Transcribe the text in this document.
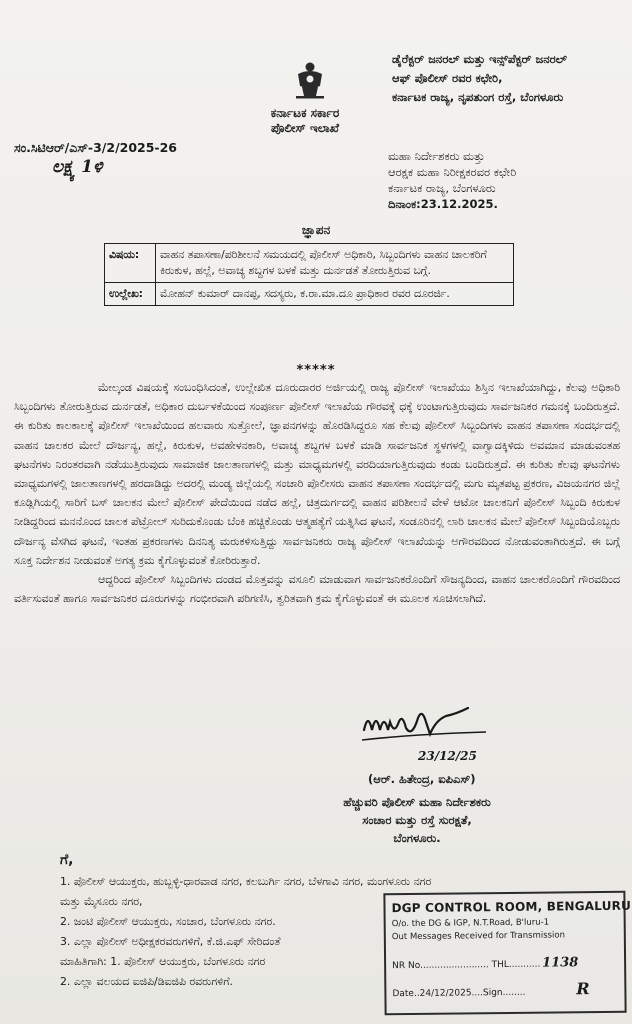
ಕರ್ನಾಟಕ ಸರ್ಕಾರ
ಪೊಲೀಸ್ ಇಲಾಖೆ
ಡೈರೆಕ್ಟರ್ ಜನರಲ್ ಮತ್ತು ಇನ್ಸ್‌ಪೆಕ್ಟರ್ ಜನರಲ್
ಆಫ್ ಪೊಲೀಸ್ ರವರ ಕಛೇರಿ,
ಕರ್ನಾಟಕ ರಾಜ್ಯ, ನೃಪತುಂಗ ರಸ್ತೆ, ಬೆಂಗಳೂರು
ಸಂ.ಸಿಟಿಆರ್/ಎಸ್-3/2/2025-26
ಲಕ್ಷ್ಯ 1ಳಿ
ಮಹಾ ನಿರ್ದೇಶಕರು ಮತ್ತು
ಆರಕ್ಷಕ ಮಹಾ ನಿರೀಕ್ಷಕರವರ ಕಛೇರಿ
ಕರ್ನಾಟಕ ರಾಜ್ಯ, ಬೆಂಗಳೂರು
ದಿನಾಂಕ:23.12.2025.
ಜ್ಞಾಪನ
ವಿಷಯ:	ವಾಹನ ತಪಾಸಣಾ/ಪರಿಶೀಲನೆ ಸಮಯದಲ್ಲಿ ಪೊಲೀಸ್ ಅಧಿಕಾರಿ, ಸಿಬ್ಬಂದಿಗಳು ವಾಹನ ಚಾಲಕರಿಗೆ ಕಿರುಕುಳ, ಹಲ್ಲೆ, ಅವಾಚ್ಯ ಶಬ್ದಗಳ ಬಳಕೆ ಮತ್ತು ದುರ್ನಡತೆ ತೋರುತ್ತಿರುವ ಬಗ್ಗೆ.
ಉಲ್ಲೇಖ:	ಮೋಹನ್ ಕುಮಾರ್ ದಾನಪ್ಪ, ಸದಸ್ಯರು, ಕ.ರಾ.ಮಾ.ದೂ ಪ್ರಾಧಿಕಾರ ರವರ ದೂರರ್ಜಿ.
*****

ಮೇಲ್ಕಂಡ ವಿಷಯಕ್ಕೆ ಸಂಬಂಧಿಸಿದಂತೆ, ಉಲ್ಲೇಖಿತ ದೂರುದಾರರ ಅರ್ಜಿಯಲ್ಲಿ ರಾಜ್ಯ ಪೊಲೀಸ್ ಇಲಾಖೆಯು ಶಿಸ್ತಿನ ಇಲಾಖೆಯಾಗಿದ್ದು, ಕೆಲವು ಅಧಿಕಾರಿ ಸಿಬ್ಬಂದಿಗಳು ತೋರುತ್ತಿರುವ ದುರ್ನಡತೆ, ಅಧಿಕಾರ ದುರ್ಬಳಕೆಯಿಂದ ಸಂಪೂರ್ಣ ಪೊಲೀಸ್ ಇಲಾಖೆಯ ಗೌರವಕ್ಕೆ ಧಕ್ಕೆ ಉಂಟಾಗುತ್ತಿರುವುದು ಸಾರ್ವಜನಿಕರ ಗಮನಕ್ಕೆ ಬಂದಿರುತ್ತದೆ. ಈ ಕುರಿತು ಕಾಲಕಾಲಕ್ಕೆ ಪೊಲೀಸ್ ಇಲಾಖೆಯಿಂದ ಹಲವಾರು ಸುತ್ತೋಲೆ, ಜ್ಞಾಪನಗಳನ್ನು ಹೊರಡಿಸಿದ್ದರೂ ಸಹ ಕೆಲವು ಪೊಲೀಸ್ ಸಿಬ್ಬಂದಿಗಳು ವಾಹನ ತಪಾಸಣಾ ಸಂದರ್ಭದಲ್ಲಿ ವಾಹನ ಚಾಲಕರ ಮೇಲೆ ದೌರ್ಜನ್ಯ, ಹಲ್ಲೆ, ಕಿರುಕುಳ, ಅವಹೇಳನಕಾರಿ, ಅವಾಚ್ಯ ಶಬ್ದಗಳ ಬಳಕೆ ಮಾಡಿ ಸಾರ್ವಜನಿಕ ಸ್ಥಳಗಳಲ್ಲಿ ವಾಗ್ವಾದಕ್ಕಿಳಿದು ಅವಮಾನ ಮಾಡುವಂತಹ ಘಟನೆಗಳು ನಿರಂತರವಾಗಿ ನಡೆಯುತ್ತಿರುವುದು ಸಾಮಾಜಿಕ ಜಾಲತಾಣಗಳಲ್ಲಿ ಮತ್ತು ಮಾಧ್ಯಮಗಳಲ್ಲಿ ವರದಿಯಾಗುತ್ತಿರುವುದು ಕಂಡು ಬಂದಿರುತ್ತದೆ. ಈ ಕುರಿತು ಕೆಲವು ಘಟನೆಗಳು ಮಾಧ್ಯಮಗಳಲ್ಲಿ ಜಾಲತಾಣಗಳಲ್ಲಿ ಹರದಾಡಿದ್ದು ಅದರಲ್ಲಿ ಮಂಡ್ಯ ಜಿಲ್ಲೆಯಲ್ಲಿ ಸಂಚಾರಿ ಪೊಲೀಸರು ವಾಹನ ತಪಾಸಣಾ ಸಂದರ್ಭದಲ್ಲಿ ಮಗು ಮೃತಪಟ್ಟ ಪ್ರಕರಣ, ವಿಜಯನಗರ ಜಿಲ್ಲೆ ಕೂಡ್ಲಿಗಿಯಲ್ಲಿ ಸಾರಿಗೆ ಬಸ್ ಚಾಲಕನ ಮೇಲೆ ಪೊಲೀಸ್ ಪೇದೆಯಿಂದ ನಡೆದ ಹಲ್ಲೆ, ಚಿತ್ರದುರ್ಗದಲ್ಲಿ ವಾಹನ ಪರಿಶೀಲನೆ ವೇಳೆ ಆಟೋ ಚಾಲಕನಿಗೆ ಪೊಲೀಸ್ ಸಿಬ್ಬಂದಿ ಕಿರುಕುಳ ನೀಡಿದ್ದರಿಂದ ಮನನೊಂದ ಚಾಲಕ ಪೆಟ್ರೋಲ್ ಸುರಿದುಕೊಂಡು ಬೆಂಕಿ ಹಚ್ಚಿಕೊಂಡು ಆತ್ಮಹತ್ಯೆಗೆ ಯತ್ನಿಸಿದ ಘಟನೆ, ಸಂಡೂರಿನಲ್ಲಿ ಲಾರಿ ಚಾಲಕನ ಮೇಲೆ ಪೊಲೀಸ್ ಸಿಬ್ಬಂದಿಯೊಬ್ಬರು ದೌರ್ಜನ್ಯ ವೆಸಗಿದ ಘಟನೆ, ಇಂತಹ ಪ್ರಕರಣಗಳು ದಿನನಿತ್ಯ ಮರುಕಳಿಸುತ್ತಿದ್ದು ಸಾರ್ವಜನಿಕರು ರಾಜ್ಯ ಪೊಲೀಸ್ ಇಲಾಖೆಯನ್ನು ಅಗೌರವದಿಂದ ನೋಡುವಂತಾಗಿರುತ್ತದೆ. ಈ ಬಗ್ಗೆ ಸೂಕ್ತ ನಿರ್ದೇಶನ ನೀಡುವಂತೆ ಅಗತ್ಯ ಕ್ರಮ ಕೈಗೊಳ್ಳುವಂತೆ ಕೋರಿರುತ್ತಾರೆ.

ಆದ್ದರಿಂದ ಪೊಲೀಸ್ ಸಿಬ್ಬಂದಿಗಳು ದಂಡದ ಮೊತ್ತವನ್ನು ವಸೂಲಿ ಮಾಡುವಾಗ ಸಾರ್ವಜನಿಕರೊಂದಿಗೆ ಸೌಜನ್ಯದಿಂದ, ವಾಹನ ಚಾಲಕರೊಂದಿಗೆ ಗೌರವದಿಂದ ವರ್ತಿಸುವಂತೆ ಹಾಗೂ ಸಾರ್ವಜನಿಕರ ದೂರುಗಳನ್ನು ಗಂಭೀರವಾಗಿ ಪರಿಗಣಿಸಿ, ತ್ವರಿತವಾಗಿ ಕ್ರಮ ಕೈಗೊಳ್ಳುವಂತೆ ಈ ಮೂಲಕ ಸೂಚಿಸಲಾಗಿದೆ.

23/12/25
(ಆರ್. ಹಿತೇಂದ್ರ, ಐಪಿಎಸ್)
ಹೆಚ್ಚುವರಿ ಪೊಲೀಸ್ ಮಹಾ ನಿರ್ದೇಶಕರು
ಸಂಚಾರ ಮತ್ತು ರಸ್ತೆ ಸುರಕ್ಷತೆ,
ಬೆಂಗಳೂರು.
ಗೆ,
1. ಪೊಲೀಸ್ ಆಯುಕ್ತರು, ಹುಬ್ಬಳ್ಳಿ-ಧಾರವಾಡ ನಗರ, ಕಲಬುರ್ಗಿ ನಗರ, ಬೆಳಗಾವಿ ನಗರ, ಮಂಗಳೂರು ನಗರ
ಮತ್ತು ಮೈಸೂರು ನಗರ,
2. ಜಂಟಿ ಪೊಲೀಸ್ ಆಯುಕ್ತರು, ಸಂಚಾರ, ಬೆಂಗಳೂರು ನಗರ.
3. ಎಲ್ಲಾ ಪೊಲೀಸ್ ಅಧೀಕ್ಷಕರವರುಗಳಿಗೆ, ಕೆ.ಜಿ.ಎಫ್ ಸೇರಿದಂತೆ
ಮಾಹಿತಿಗಾಗಿ: 1. ಪೊಲೀಸ್ ಆಯುಕ್ತರು, ಬೆಂಗಳೂರು ನಗರ
2. ಎಲ್ಲಾ ವಲಯದ ಐಜಿಪಿ/ಡಿಐಜಿಪಿ ರವರುಗಳಿಗೆ.
DGP CONTROL ROOM, BENGALURU
O/o. the DG & IGP, N.T.Road, B'luru-1
Out Messages Received for Transmission
NR No........................ THL........... 1138
Date..24/12/2025....Sign........	R
